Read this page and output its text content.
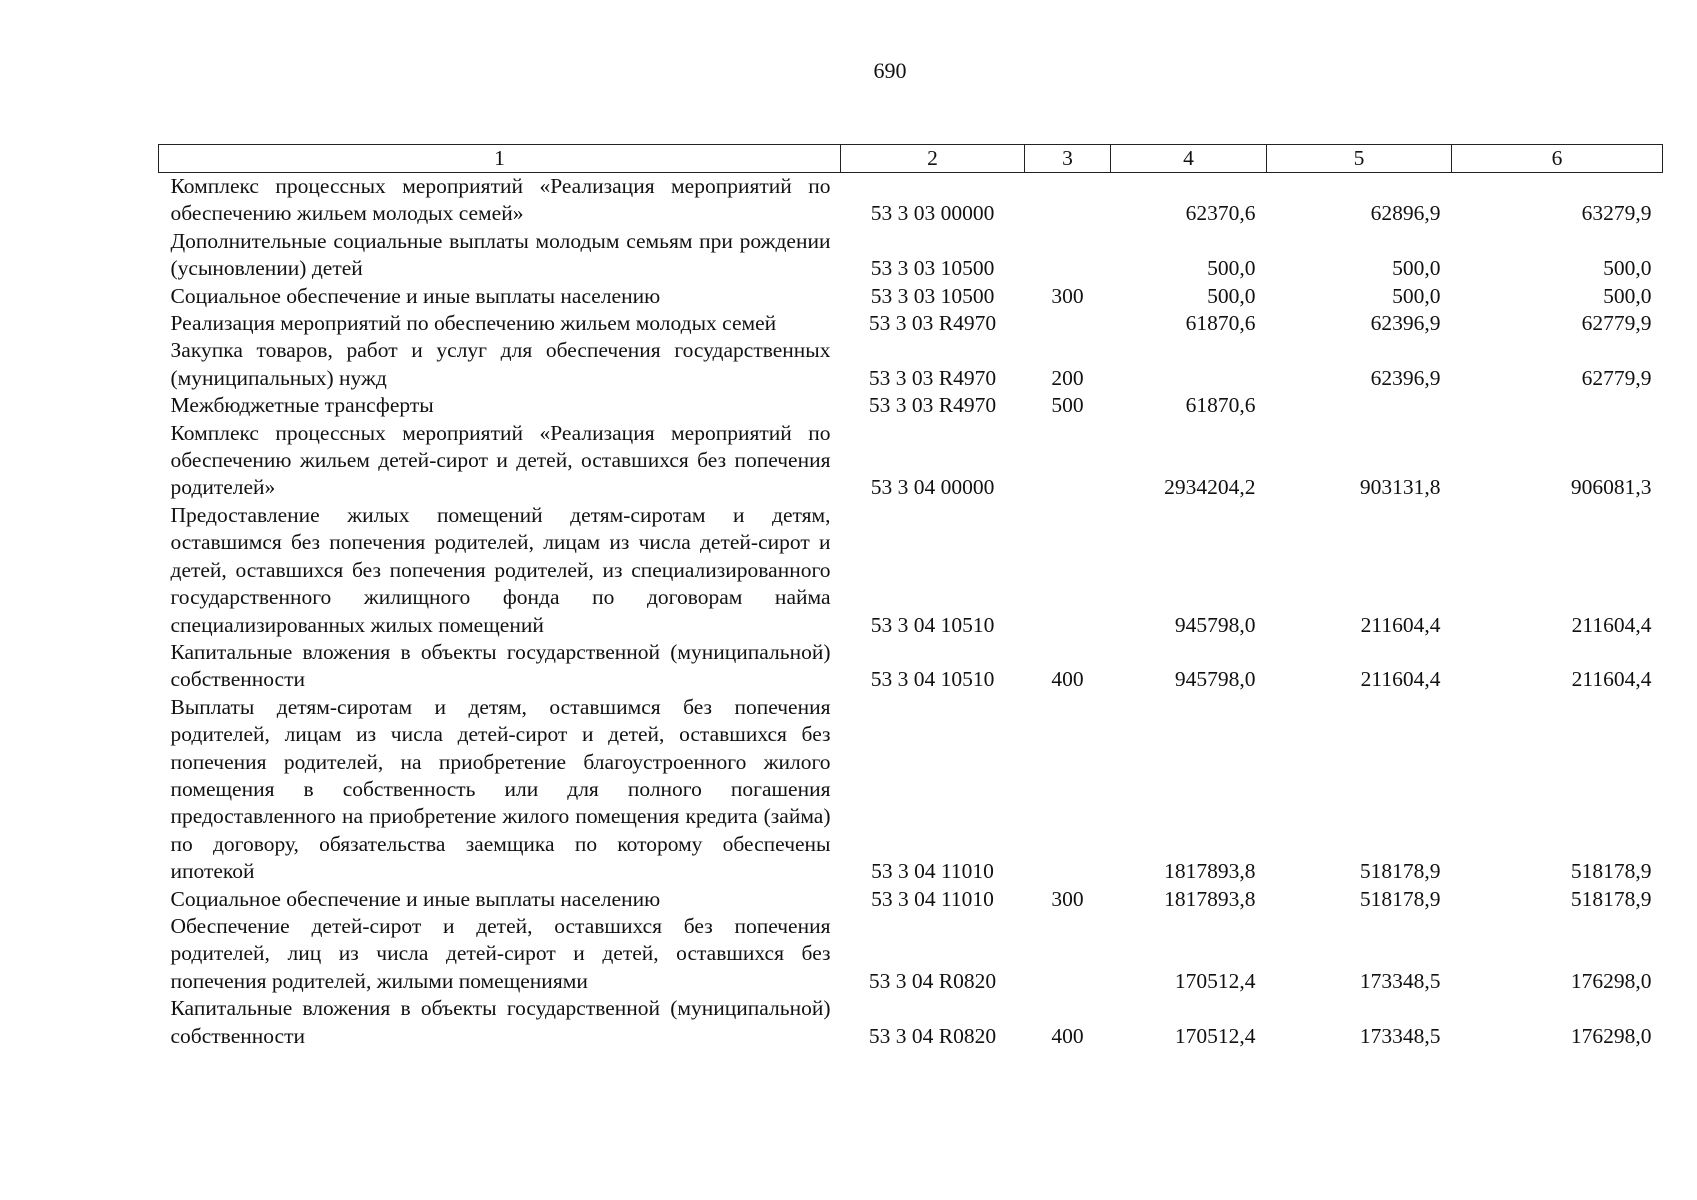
690
1	2	3	4	5	6
Комплекс процессных мероприятий «Реализация мероприятий по обеспечению жильем молодых семей»	53 3 03 00000		62370,6	62896,9	63279,9
Дополнительные социальные выплаты молодым семьям при рождении (усыновлении) детей	53 3 03 10500		500,0	500,0	500,0
Социальное обеспечение и иные выплаты населению	53 3 03 10500	300	500,0	500,0	500,0
Реализация мероприятий по обеспечению жильем молодых семей	53 3 03 R4970		61870,6	62396,9	62779,9
Закупка товаров, работ и услуг для обеспечения государственных (муниципальных) нужд	53 3 03 R4970	200		62396,9	62779,9
Межбюджетные трансферты	53 3 03 R4970	500	61870,6		
Комплекс процессных мероприятий «Реализация мероприятий по обеспечению жильем детей-сирот и детей, оставшихся без попечения родителей»	53 3 04 00000		2934204,2	903131,8	906081,3
Предоставление жилых помещений детям-сиротам и детям, оставшимся без попечения родителей, лицам из числа детей-сирот и детей, оставшихся без попечения родителей, из специализированного государственного жилищного фонда по договорам найма специализированных жилых помещений	53 3 04 10510		945798,0	211604,4	211604,4
Капитальные вложения в объекты государственной (муниципальной) собственности	53 3 04 10510	400	945798,0	211604,4	211604,4
Выплаты детям-сиротам и детям, оставшимся без попечения родителей, лицам из числа детей-сирот и детей, оставшихся без попечения родителей, на приобретение благоустроенного жилого помещения в собственность или для полного погашения предоставленного на приобретение жилого помещения кредита (займа) по договору, обязательства заемщика по которому обеспечены ипотекой	53 3 04 11010		1817893,8	518178,9	518178,9
Социальное обеспечение и иные выплаты населению	53 3 04 11010	300	1817893,8	518178,9	518178,9
Обеспечение детей-сирот и детей, оставшихся без попечения родителей, лиц из числа детей-сирот и детей, оставшихся без попечения родителей, жилыми помещениями	53 3 04 R0820		170512,4	173348,5	176298,0
Капитальные вложения в объекты государственной (муниципальной) собственности	53 3 04 R0820	400	170512,4	173348,5	176298,0
